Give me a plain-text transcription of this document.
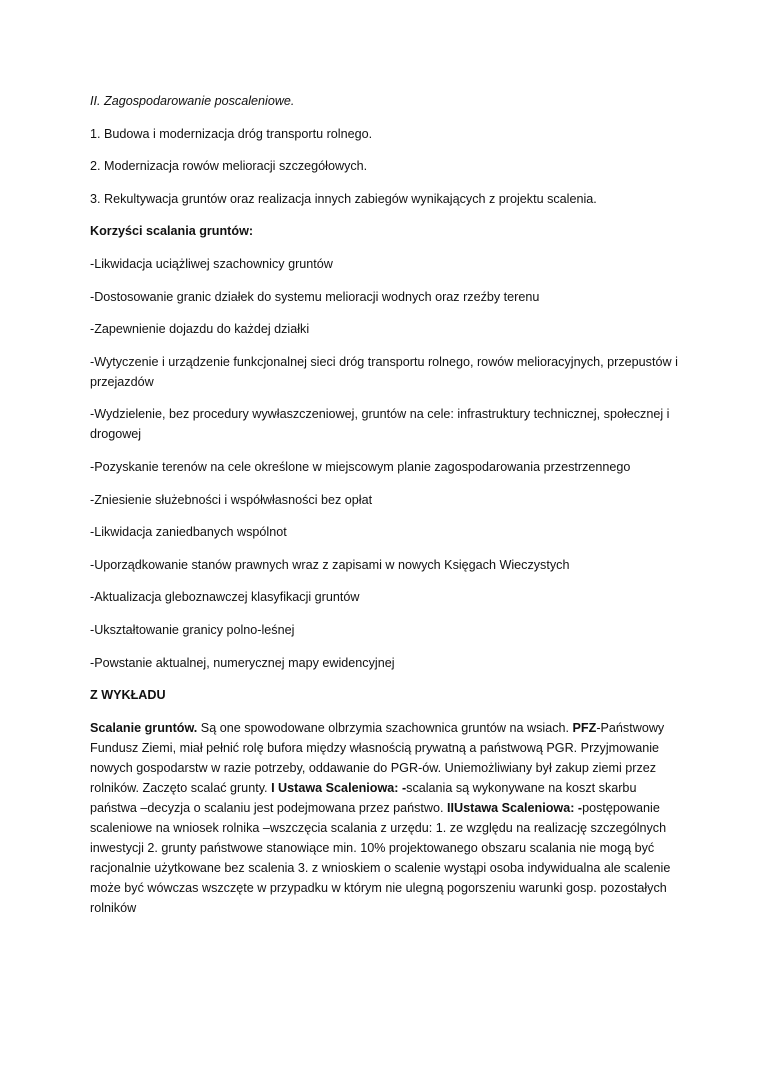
II. Zagospodarowanie poscaleniowe.

1. Budowa i modernizacja dróg transportu rolnego.

2. Modernizacja rowów melioracji szczegółowych.

3. Rekultywacja gruntów oraz realizacja innych zabiegów wynikających z projektu scalenia.

Korzyści scalania gruntów:

-Likwidacja uciążliwej szachownicy gruntów

-Dostosowanie granic działek do systemu melioracji wodnych oraz rzeźby terenu

-Zapewnienie dojazdu do każdej działki

-Wytyczenie i urządzenie funkcjonalnej sieci dróg transportu rolnego, rowów melioracyjnych, przepustów i przejazdów

-Wydzielenie, bez procedury wywłaszczeniowej, gruntów na cele: infrastruktury technicznej, społecznej i drogowej

-Pozyskanie terenów na cele określone w miejscowym planie zagospodarowania przestrzennego

-Zniesienie służebności i współwłasności bez opłat

-Likwidacja zaniedbanych wspólnot

-Uporządkowanie stanów prawnych wraz z zapisami w nowych Księgach Wieczystych

-Aktualizacja gleboznawczej klasyfikacji gruntów

-Ukształtowanie granicy polno-leśnej

-Powstanie aktualnej, numerycznej mapy ewidencyjnej

Z WYKŁADU

Scalanie gruntów. Są one spowodowane olbrzymia szachownica gruntów na wsiach. PFZ-Państwowy Fundusz Ziemi, miał pełnić rolę bufora między własnością prywatną a państwową PGR. Przyjmowanie nowych gospodarstw w razie potrzeby, oddawanie do PGR-ów. Uniemożliwiany był zakup ziemi przez rolników. Zaczęto scalać grunty. I Ustawa Scaleniowa: -scalania są wykonywane na koszt skarbu państwa –decyzja o scalaniu jest podejmowana przez państwo. IIUstawa Scaleniowa: -postępowanie scaleniowe na wniosek rolnika –wszczęcia scalania z urzędu: 1. ze względu na realizację szczególnych inwestycji 2. grunty państwowe stanowiące min. 10% projektowanego obszaru scalania nie mogą być racjonalnie użytkowane bez scalenia 3. z wnioskiem o scalenie wystąpi osoba indywidualna ale scalenie może być wówczas wszczęte w przypadku w którym nie ulegną pogorszeniu warunki gosp. pozostałych rolników
